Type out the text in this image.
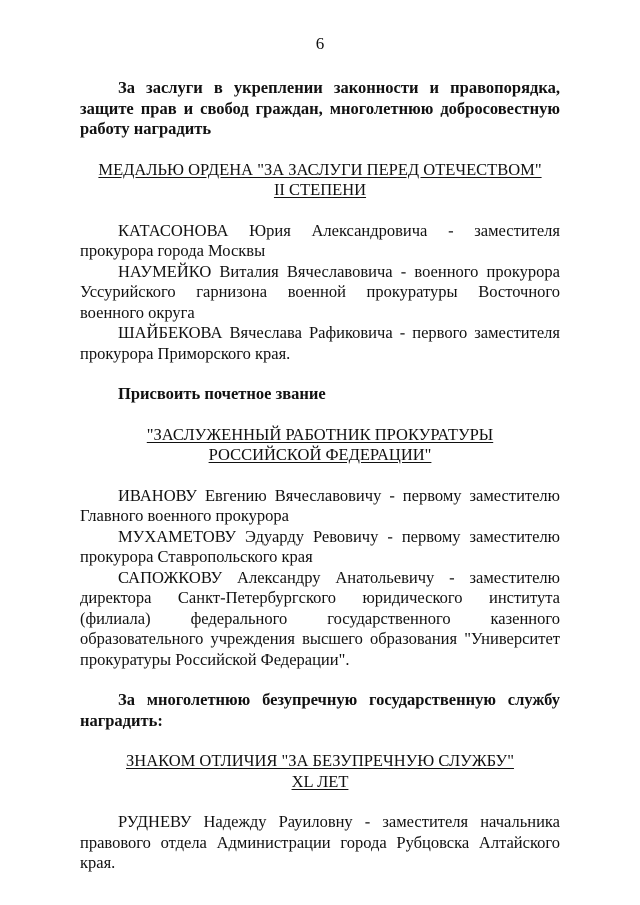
6

За заслуги в укреплении законности и правопорядка, защите прав и свобод граждан, многолетнюю добросовестную работу наградить

МЕДАЛЬЮ ОРДЕНА "ЗА ЗАСЛУГИ ПЕРЕД ОТЕЧЕСТВОМ"

II СТЕПЕНИ

КАТАСОНОВА Юрия Александровича - заместителя прокурора города Москвы

НАУМЕЙКО Виталия Вячеславовича - военного прокурора Уссурийского гарнизона военной прокуратуры Восточного военного округа

ШАЙБЕКОВА Вячеслава Рафиковича - первого заместителя прокурора Приморского края.

Присвоить почетное звание

"ЗАСЛУЖЕННЫЙ РАБОТНИК ПРОКУРАТУРЫ

РОССИЙСКОЙ ФЕДЕРАЦИИ"

ИВАНОВУ Евгению Вячеславовичу - первому заместителю Главного военного прокурора

МУХАМЕТОВУ Эдуарду Ревовичу - первому заместителю прокурора Ставропольского края

САПОЖКОВУ Александру Анатольевичу - заместителю директора Санкт-Петербургского юридического института (филиала) федерального государственного казенного образовательного учреждения высшего образования "Университет прокуратуры Российской Федерации".

За многолетнюю безупречную государственную службу наградить:

ЗНАКОМ ОТЛИЧИЯ "ЗА БЕЗУПРЕЧНУЮ СЛУЖБУ"

XL ЛЕТ

РУДНЕВУ Надежду Рауиловну - заместителя начальника правового отдела Администрации города Рубцовска Алтайского края.
